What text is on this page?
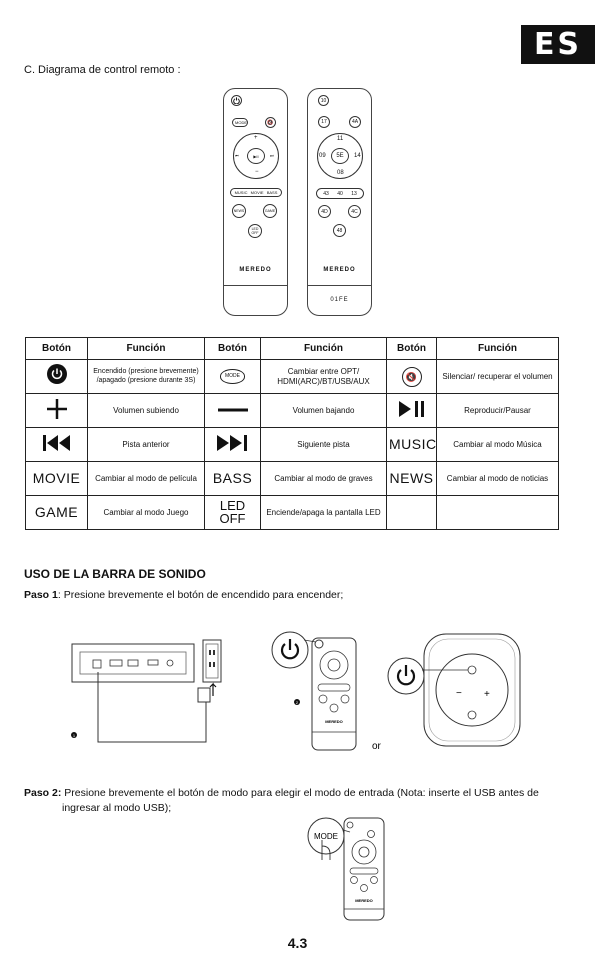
ES
C. Diagrama de control remoto :
MODE	🔇
+
−
⏮	⏭
▶II
MUSIC MOVIE BASS
NEWS	GAME
LED OFF
MEREDO
10
17	4A
11
09	14
08
5E
43 40 13
4D	4C
48
MEREDO
01FE
Botón	Función	Botón	Función	Botón	Función
	Encendido (presione brevemente) /apagado (presione durante 3S)	MODE	Cambiar entre OPT/ HDMI(ARC)/BT/USB/AUX	🔇	Silenciar/ recuperar el volumen
	Volumen subiendo		Volumen bajando		Reproducir/Pausar
	Pista anterior		Siguiente pista	MUSIC	Cambiar al modo Música
MOVIE	Cambiar al modo de película	BASS	Cambiar al modo de graves	NEWS	Cambiar al modo de noticias
GAME	Cambiar al modo Juego	LED OFF	Enciende/apaga la pantalla LED		
USO DE LA BARRA DE SONIDO
Paso 1: Presione brevemente el botón de encendido para encender;
1
MEREDO
2
or
− +
Paso 2: Presione brevemente el botón de modo para elegir el modo de entrada (Nota: inserte el USB antes de
ingresar al modo USB);
MEREDO
MODE
4.3
